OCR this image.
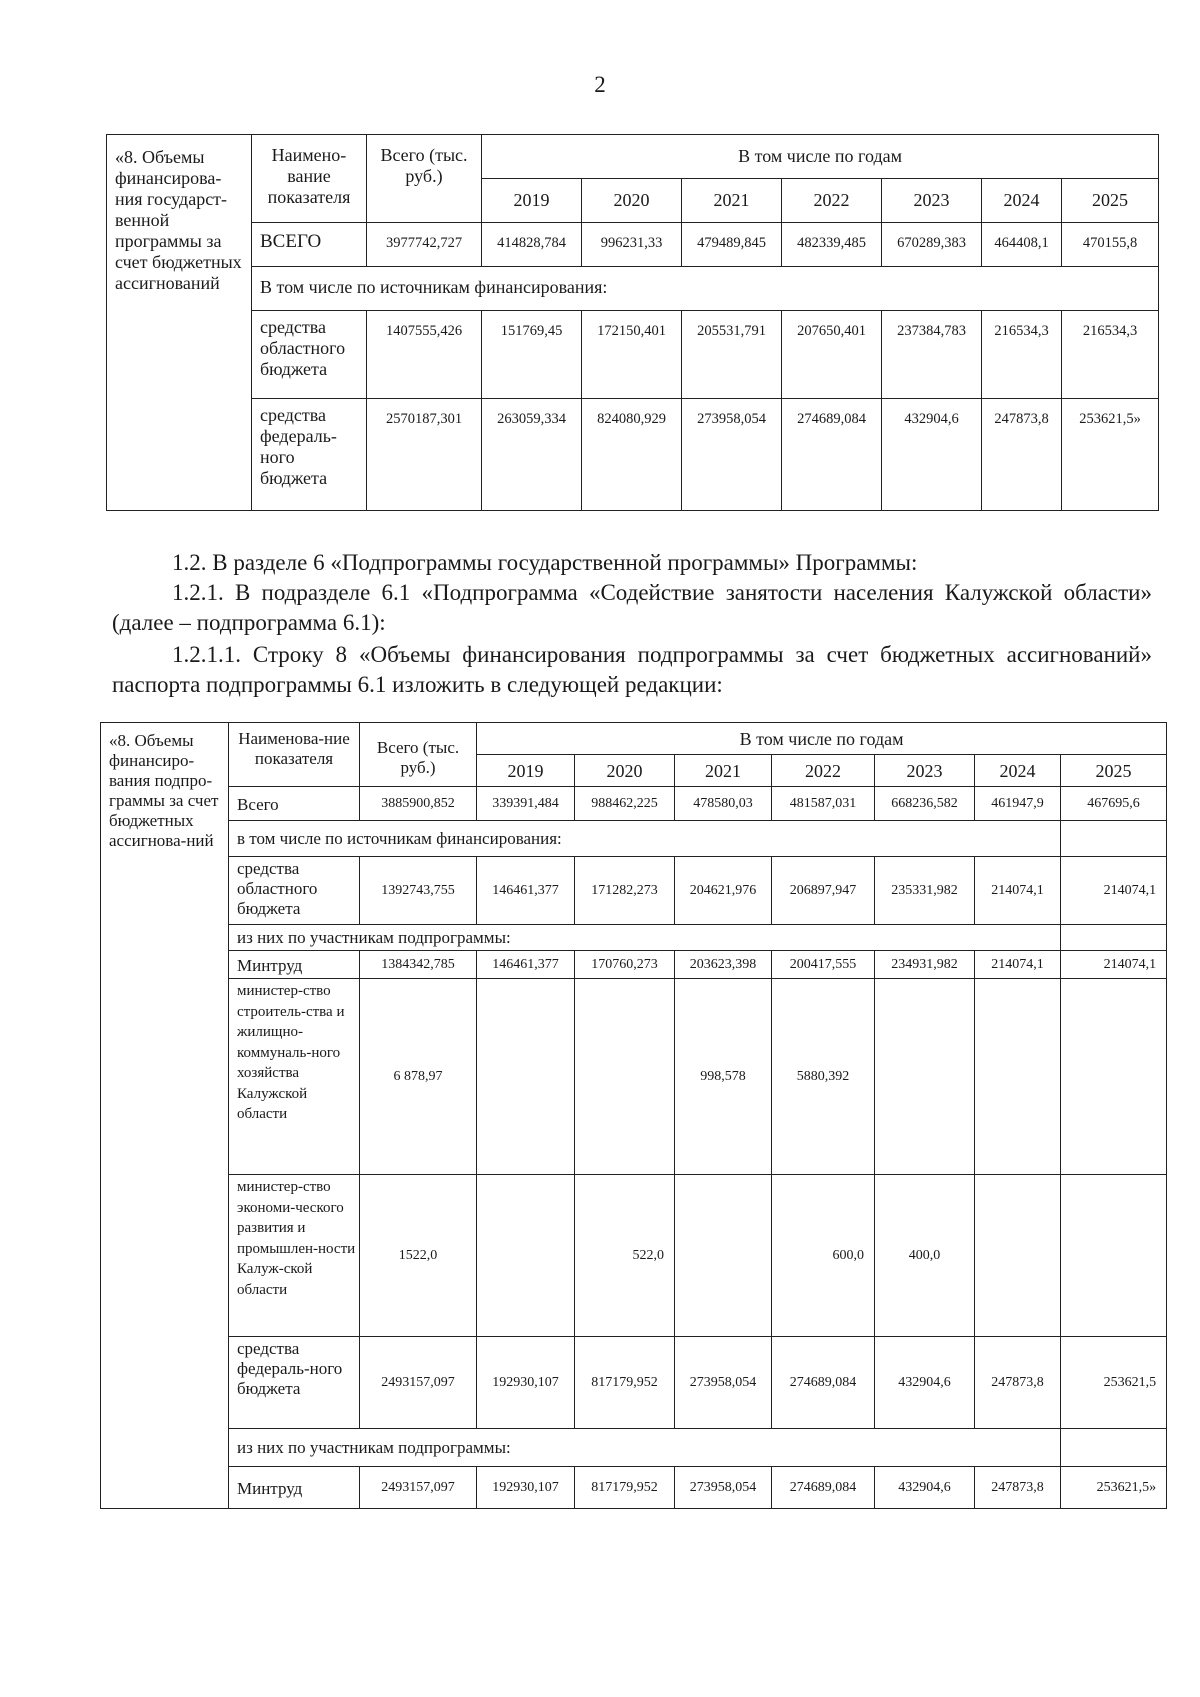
2
«8. Объемы финансирова-ния государст-венной программы за счет бюджетных ассигнований	Наимено-вание показателя	Всего (тыс. руб.)	В том числе по годам						
			2019	2020	2021	2022	2023	2024	2025
	ВСЕГО	3977742,727	414828,784	996231,33	479489,845	482339,485	670289,383	464408,1	470155,8
	В том числе по источникам финансирования:								
	средства областного бюджета	1407555,426	151769,45	172150,401	205531,791	207650,401	237384,783	216534,3	216534,3
	средства федераль-ного бюджета	2570187,301	263059,334	824080,929	273958,054	274689,084	432904,6	247873,8	253621,5»

1.2. В разделе 6 «Подпрограммы государственной программы» Программы:

1.2.1. В подразделе 6.1 «Подпрограмма «Содействие занятости населения Калужской области» (далее – подпрограмма 6.1):

1.2.1.1. Строку 8 «Объемы финансирования подпрограммы за счет бюджетных ассигнований» паспорта подпрограммы 6.1 изложить в следующей редакции:

«8. Объемы финансиро-вания подпро-граммы за счет бюджетных ассигнова-ний	Наименова-ние показателя	Всего (тыс. руб.)	В том числе по годам						
			2019	2020	2021	2022	2023	2024	2025
	Всего	3885900,852	339391,484	988462,225	478580,03	481587,031	668236,582	461947,9	467695,6
	в том числе по источникам финансирования:								
	средства областного бюджета	1392743,755	146461,377	171282,273	204621,976	206897,947	235331,982	214074,1	214074,1
	из них по участникам подпрограммы:								
	Минтруд	1384342,785	146461,377	170760,273	203623,398	200417,555	234931,982	214074,1	214074,1
	министер-ство строитель-ства и жилищно-коммуналь-ного хозяйства Калужской области	6 878,97			998,578	5880,392			
	министер-ство экономи-ческого развития и промышлен-ности Калуж-ской области	1522,0		522,0		600,0	400,0		
	средства федераль-ного бюджета	2493157,097	192930,107	817179,952	273958,054	274689,084	432904,6	247873,8	253621,5
	из них по участникам подпрограммы:								
	Минтруд	2493157,097	192930,107	817179,952	273958,054	274689,084	432904,6	247873,8	253621,5»
